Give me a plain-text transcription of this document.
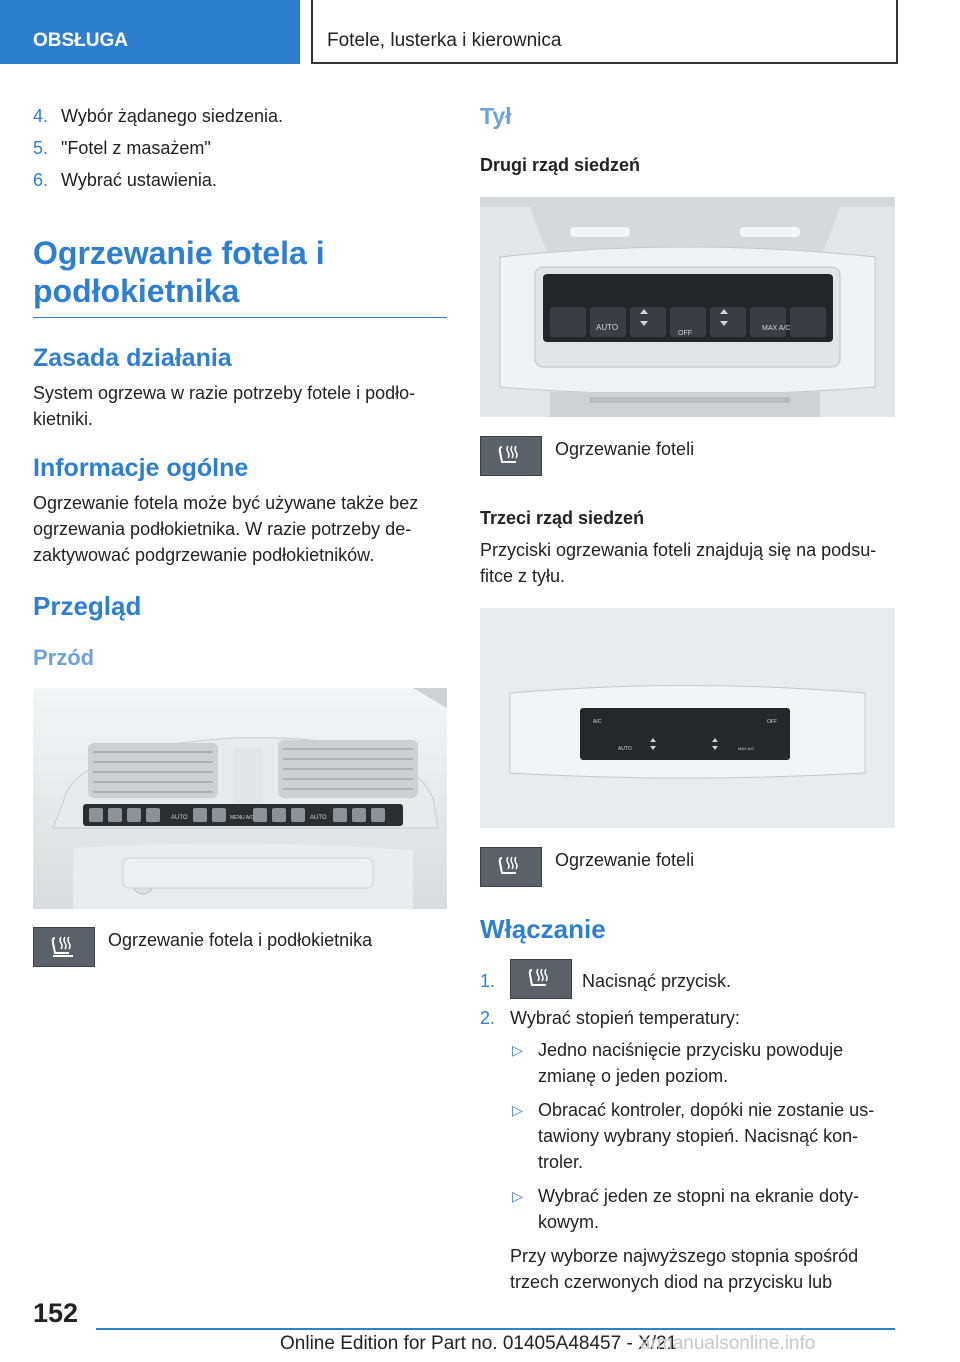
OBSŁUGA	Fotele, lusterka i kierownica
4. Wybór żądanego siedzenia.
5. "Fotel z masażem"
6. Wybrać ustawienia.
Ogrzewanie fotela i
podłokietnika
Zasada działania

System ogrzewa w razie potrzeby fotele i podło-kietniki.

Informacje ogólne

Ogrzewanie fotela może być używane także bez ogrzewania podłokietnika. W razie potrzeby de-zaktywować podgrzewanie podłokietników.

Przegląd
Przód
AUTO	MENU A/C	AUTO
Ogrzewanie fotela i podłokietnika
Tył
Drugi rząd siedzeń
AUTO
OFF
MAX A/C
Ogrzewanie foteli
Trzeci rząd siedzeń

Przyciski ogrzewania foteli znajdują się na podsu-fitce z tyłu.

A/C	OFF
AUTO	MAX A/C
Ogrzewanie foteli
Włączanie
1.	Nacisnąć przycisk.
2. Wybrać stopień temperatury:
▷ Jedno naciśnięcie przycisku powoduje zmianę o jeden poziom.
▷ Obracać kontroler, dopóki nie zostanie us-tawiony wybrany stopień. Nacisnąć kon-troler.
▷ Wybrać jeden ze stopni na ekranie doty-kowym.

Przy wyborze najwyższego stopnia spośród trzech czerwonych diod na przycisku lub

152
Online Edition for Part no. 01405A48457 - X/21
armanualsonline.info
